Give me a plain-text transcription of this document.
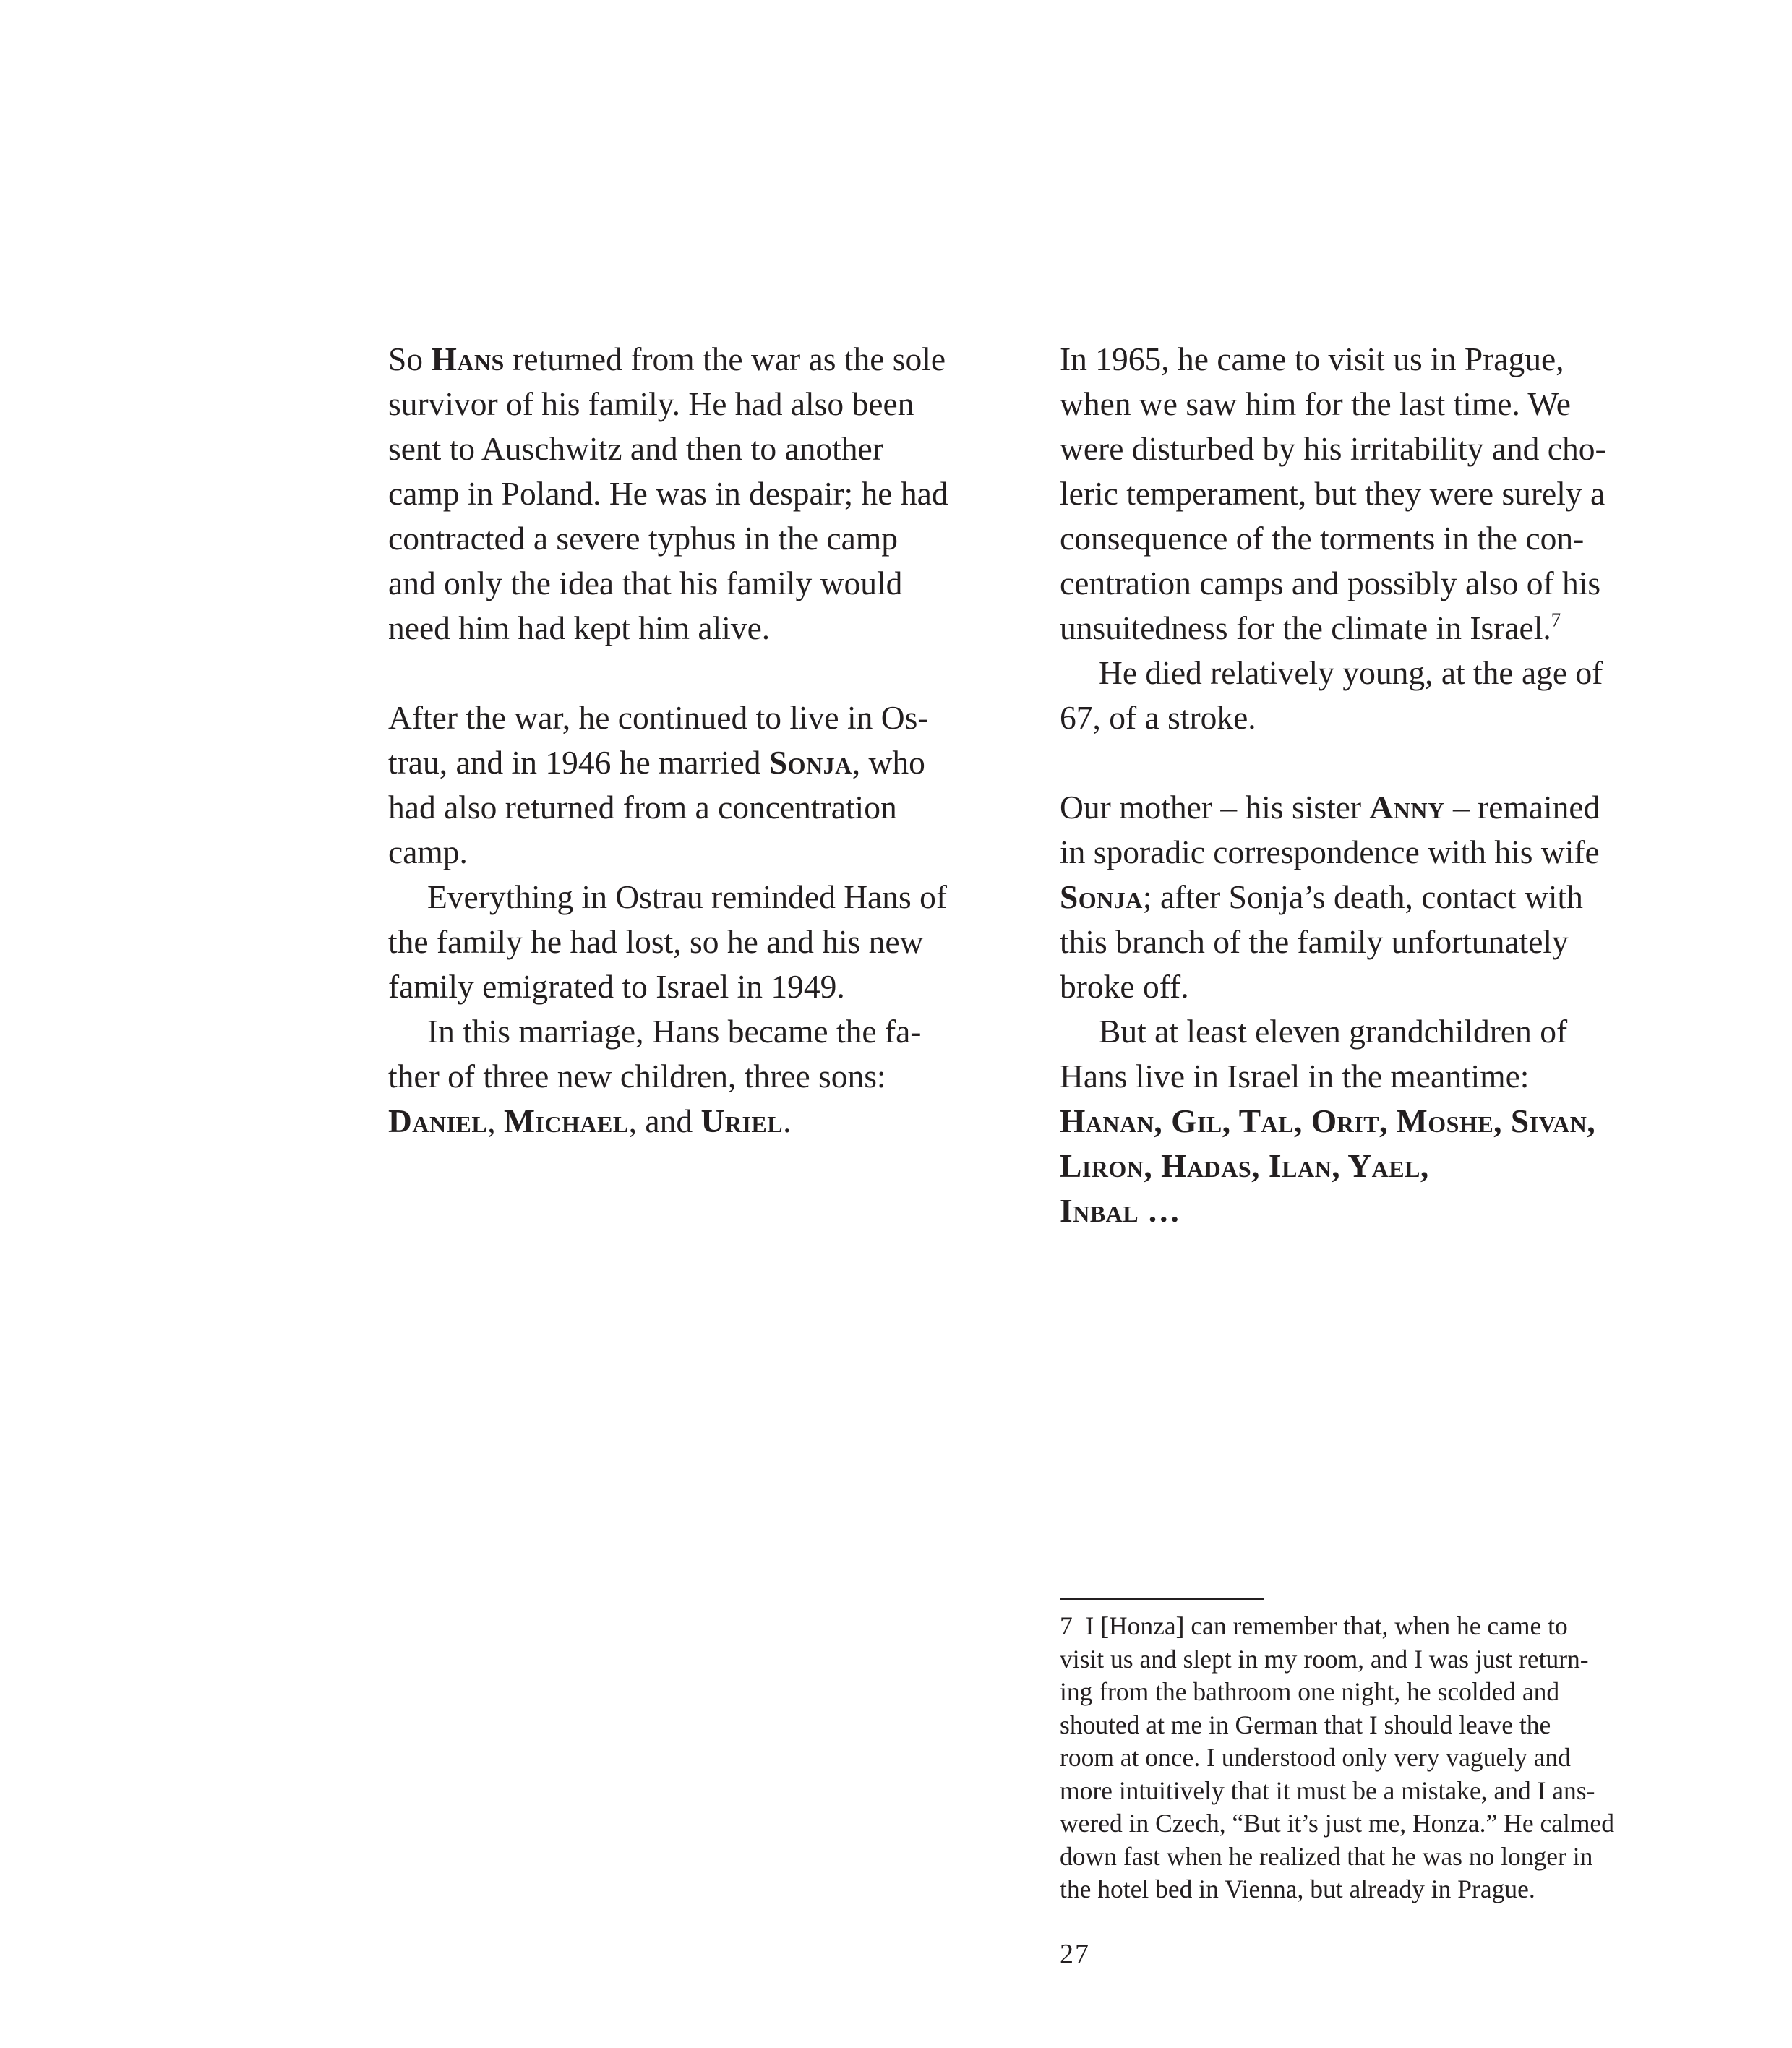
So Hans returned from the war as the sole
survivor of his family. He had also been
sent to Auschwitz and then to another
camp in Poland. He was in despair; he had
contracted a severe typhus in the camp
and only the idea that his family would
need him had kept him alive.

After the war, he continued to live in Os-
trau, and in 1946 he married Sonja, who
had also returned from a concentration
camp.

Everything in Ostrau reminded Hans of
the family he had lost, so he and his new
family emigrated to Israel in 1949.

In this marriage, Hans became the fa-
ther of three new children, three sons:
Daniel, Michael, and Uriel.

In 1965, he came to visit us in Prague,
when we saw him for the last time. We
were disturbed by his irritability and cho-
leric temperament, but they were surely a
consequence of the torments in the con-
centration camps and possibly also of his
unsuitedness for the climate in Israel.$^7$

He died relatively young, at the age of
67, of a stroke.

Our mother – his sister Anny – remained
in sporadic correspondence with his wife
Sonja; after Sonja’s death, contact with
this branch of the family unfortunately
broke off.

But at least eleven grandchildren of
Hans live in Israel in the meantime:
Hanan, Gil, Tal, Orit, Moshe, Sivan,
Liron, Hadas, Ilan, Yael,
Inbal …

7 I [Honza] can remember that, when he came to
visit us and slept in my room, and I was just return-
ing from the bathroom one night, he scolded and
shouted at me in German that I should leave the
room at once. I understood only very vaguely and
more intuitively that it must be a mistake, and I ans-
wered in Czech, “But it’s just me, Honza.” He calmed
down fast when he realized that he was no longer in
the hotel bed in Vienna, but already in Prague.
27
